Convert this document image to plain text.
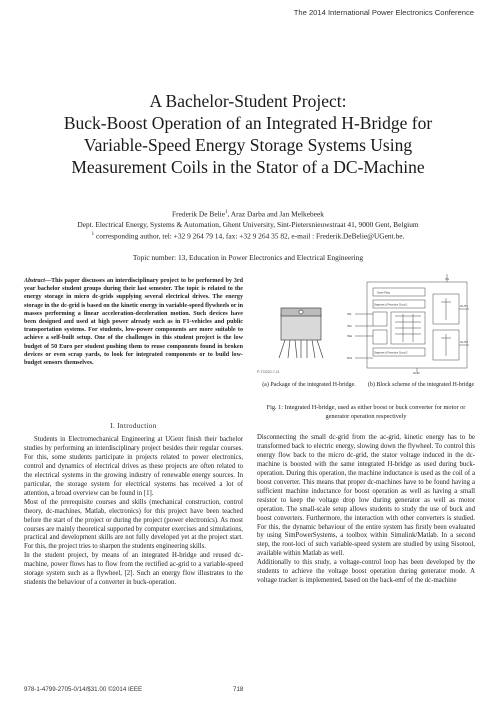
The 2014 International Power Electronics Conference
A Bachelor-Student Project:
Buck-Boost Operation of an Integrated H-Bridge for
Variable-Speed Energy Storage Systems Using
Measurement Coils in the Stator of a DC-Machine
Frederik De Belie$^1$, Araz Darba and Jan Melkebeek
Dept. Electrical Energy, Systems & Automation, Ghent University, Sint-Pietersnieuwstraat 41, 9000 Gent, Belgium
$^1$ corresponding author, tel: +32 9 264 79 14, fax: +32 9 264 35 82, e-mail : Frederik.DeBelie@UGent.be.
Topic number: 13, Education in Power Electronics and Electrical Engineering
Abstract—This paper discusses an interdisciplinary project to be performed by 3rd year bachelor student groups during their last semester. The topic is related to the energy storage in micro dc-grids supplying several electrical drives. The energy storage in the dc-grid is based on the kinetic energy in variable-speed flywheels or in masses performing a linear acceleration-deceleration motion. Such devices have been designed and used at high power already such as in F1-vehicles and public transportation systems. For students, low-power components are more suitable to achieve a self-built setup. One of the challenges in this student project is the low budget of 50 Euro per student pushing them to reuse components found in broken devices or even scrap yards, to look for integrated components or to build low-budget sensors themselves.
Gate Reg
Diagnosis & Protection Circuit 1
Diagnosis & Protection Circuit 2
IN1
IN2
INH
DIS
OUT1
OUT2
VS
GND
P-TO220-7-11
(a) Package of the integrated H-bridge.	(b) Block scheme of the integrated H-bridge
Fig. 1: Integrated H-bridge, used as either boost or buck converter for motor or generator operation respectively
I. Introduction

Students in Electromechanical Engineering at UGent finish their bachelor studies by performing an interdisciplinary project besides their regular courses. For this, some students participate in projects related to power electronics, control and dynamics of electrical drives as these projects are often related to the electrical systems in the growing industry of renewable energy sources. In particular, the storage system for electrical systems has received a lot of attention, a broad overview can be found in [1].

Most of the prerequisite courses and skills (mechanical construction, control theory, dc-machines, Matlab, electronics) for this project have been teached before the start of the project or during the project (power electronics). As most courses are mainly theoretical supported by computer exercises and simulations, practical and development skills are not fully developed yet at the project start. For this, the project tries to sharpen the students engineering skills.

In the student project, by means of an integrated H-bridge and reused dc-machine, power flows has to flow from the rectified ac-grid to a variable-speed storage system such as a flywheel, [2]. Such an energy flow illustrates to the students the behaviour of a converter in buck-operation.

Disconnecting the small dc-grid from the ac-grid, kinetic energy has to be transformed back to electric energy, slowing down the flywheel. To control this energy flow back to the micro dc-grid, the stator voltage induced in the dc-machine is boosted with the same integrated H-bridge as used during buck-operation. During this operation, the machine inductance is used as the coil of a boost converter. This means that proper dc-machines have to be found having a sufficient machine inductance for boost operation as well as having a small resistor to keep the voltage drop low during generator as well as motor operation. The small-scale setup allows students to study the use of buck and boost converters. Furthermore, the interaction with other converters is studied. For this, the dynamic behaviour of the entire system has firstly been evaluated by using SimPowerSystems, a toolbox within Simulink/Matlab. In a second step, the root-loci of such variable-speed system are studied by using Sisotool, available within Matlab as well.

Additionally to this study, a voltage-control loop has been developed by the students to achieve the voltage boost operation during generator mode. A voltage tracker is implemented, based on the back-emf of the dc-machine

978-1-4799-2705-0/14/$31.00 ©2014 IEEE	718
